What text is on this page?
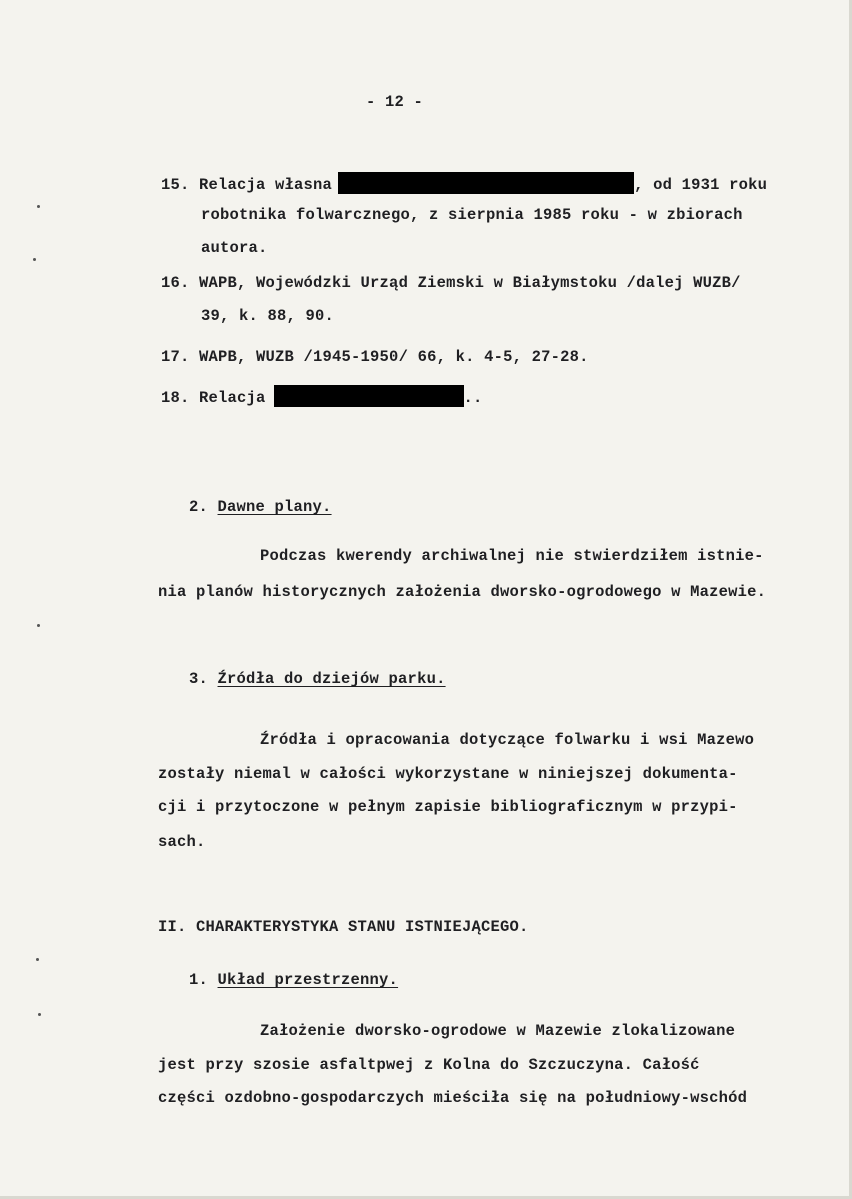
- 12 -
15. Relacja własna	, od 1931 roku
robotnika folwarcznego, z sierpnia 1985 roku - w zbiorach
autora.
16. WAPB, Wojewódzki Urząd Ziemski w Białymstoku /dalej WUZB/
39, k. 88, 90.
17. WAPB, WUZB /1945-1950/ 66, k. 4-5, 27-28.
18. Relacja	..
2. Dawne plany.
Podczas kwerendy archiwalnej nie stwierdziłem istnie-
nia planów historycznych założenia dworsko-ogrodowego w Mazewie.
3. Źródła do dziejów parku.
Źródła i opracowania dotyczące folwarku i wsi Mazewo
zostały niemal w całości wykorzystane w niniejszej dokumenta-
cji i przytoczone w pełnym zapisie bibliograficznym w przypi-
sach.
II. CHARAKTERYSTYKA STANU ISTNIEJĄCEGO.
1. Układ przestrzenny.
Założenie dworsko-ogrodowe w Mazewie zlokalizowane
jest przy szosie asfaltpwej z Kolna do Szczuczyna. Całość
części ozdobno-gospodarczych mieściła się na południowy-wschód
